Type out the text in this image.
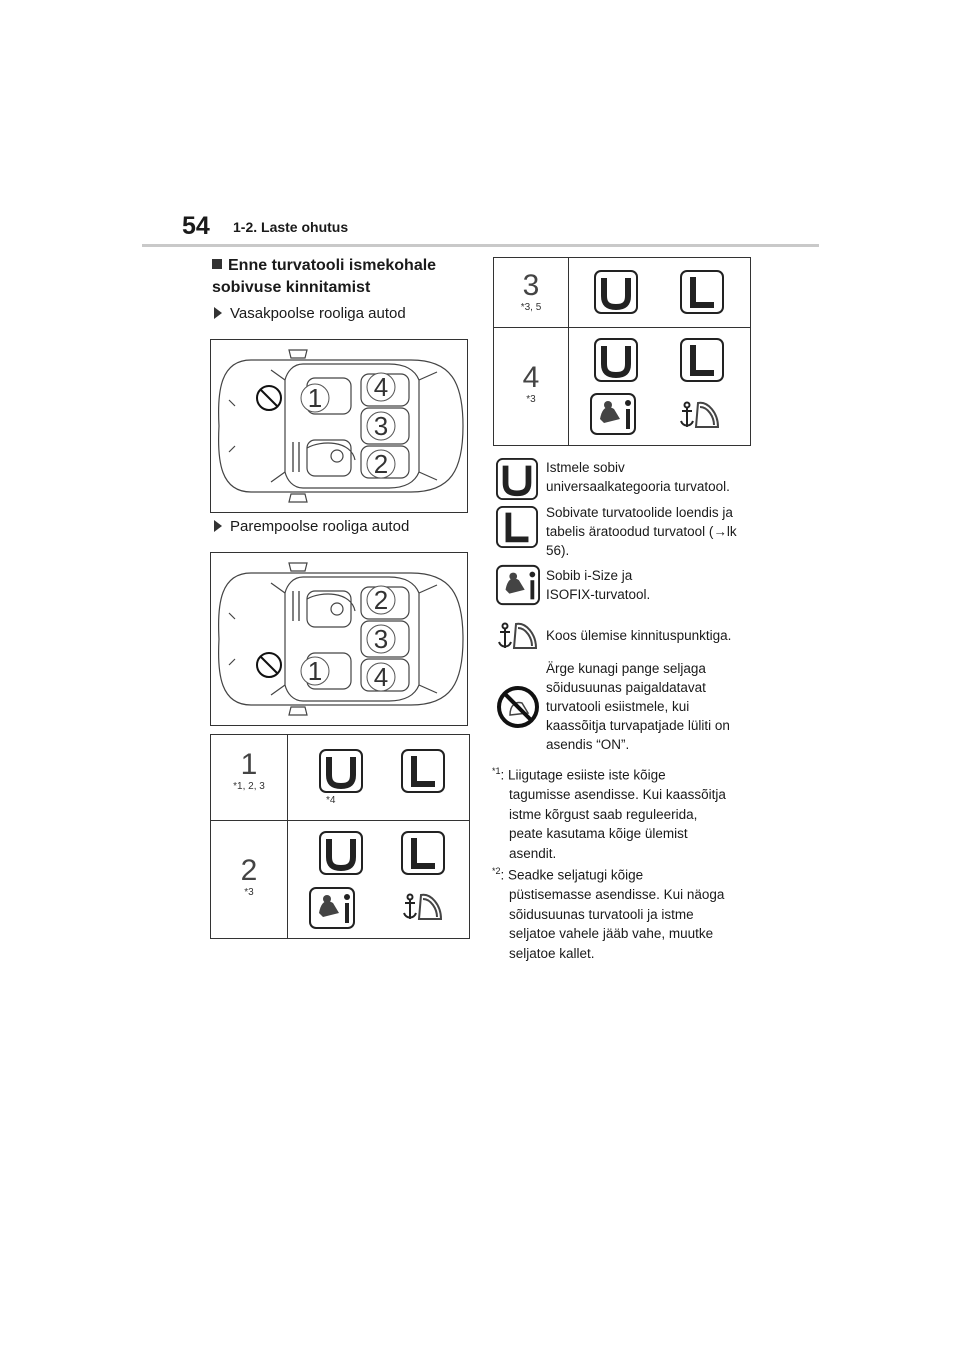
54 1-2. Laste ohutus
Enne turvatooli ismekohale
sobivuse kinnitamist
Vasakpoolse rooliga autod
Parempoolse rooliga autod
1 4
3
2
2
3
1 4
1
*1, 2, 3
*4
2
*3
3
*3, 5
4
*3
Istmele sobiv
universaalkategooria turvatool.
Sobivate turvatoolide loendis ja
tabelis äratoodud turvatool (→lk
56).
Sobib i-Size ja
ISOFIX-turvatool.
Koos ülemise kinnituspunktiga.
Ärge kunagi pange seljaga
sõidusuunas paigaldatavat
turvatooli esiistmele, kui
kaassõitja turvapatjade lüliti on
asendis “ON”.
$^{*1}$: Liigutage esiiste iste kõige
tagumisse asendisse. Kui kaassõitja
istme kõrgust saab reguleerida,
peate kasutama kõige ülemist
asendit.
$^{*2}$: Seadke seljatugi kõige
püstisemasse asendisse. Kui näoga
sõidusuunas turvatooli ja istme
seljatoe vahele jääb vahe, muutke
seljatoe kallet.
